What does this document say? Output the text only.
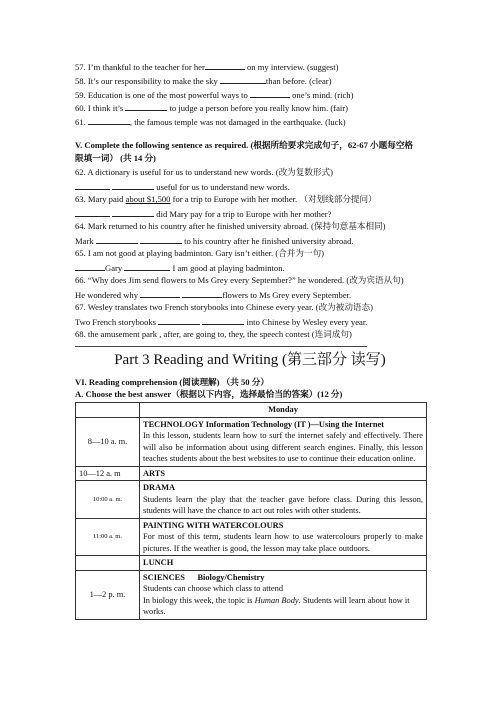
57. I’m thankful to the teacher for her	on my interview. (suggest)
58. It’s our responsibility to make the sky	than before. (clear)
59. Education is one of the most powerful ways to	one’s mind. (rich)
60. I think it’s	to judge a person before you really know him. (fair)
61.	, the famous temple was not damaged in the earthquake. (luck)
V. Complete the following sentence as required. (根据所给要求完成句子，62-67 小题每空格
限填一词） (共 14 分)
62. A dictionary is useful for us to understand new words. (改为复数形式)
useful for us to understand new words.
63. Mary paid about $1,500 for a trip to Europe with her mother. （对划线部分提问）
did Mary pay for a trip to Europe with her mother?
64. Mark returned to his country after he finished university abroad. (保持句意基本相同)
Mark	to his country after he finished university abroad.
65. I am not good at playing badminton. Gary isn’t either. (合并为一句)
Gary	I am good at playing badminton.
66. “Why does Jim send flowers to Ms Grey every September?” he wondered. (改为宾语从句)
He wondered why	flowers to Ms Grey every September.
67. Wesley translates two French storybooks into Chinese every year. (改为被动语态)
Two French storybooks	into Chinese by Wesley every year.
68. the amusement park , after, are going to, they, the speech contest (连词成句)
Part 3 Reading and Writing (第三部分 读写)
VI. Reading comprehension (阅读理解) （共 50 分）
A. Choose the best answer（根据以下内容，选择最恰当的答案）(12 分)
	Monday
8—10 a. m.	TECHNOLOGY Information Technology (IT )—Using the Internet
In this lesson, students learn how to surf the internet safely and effectively. There will also be information about using different search engines. Finally, this lesson teaches students about the best websites to use to continue their education online.

10—12 a. m	ARTS
10:00 a. m.	DRAMA
Students learn the play that the teacher gave before class. During this lesson, students will have the chance to act out roles with other students.

11:00 a. m.	PAINTING WITH WATERCOLOURS
For most of this term, students learn how to use watercolours properly to make pictures. If the weather is good, the lesson may take place outdoors.

	LUNCH
1—2 p. m.	SCIENCES      Biology/Chemistry
Students can choose which class to attend
In biology this week, the topic is Human Body. Students will learn about how it works.
